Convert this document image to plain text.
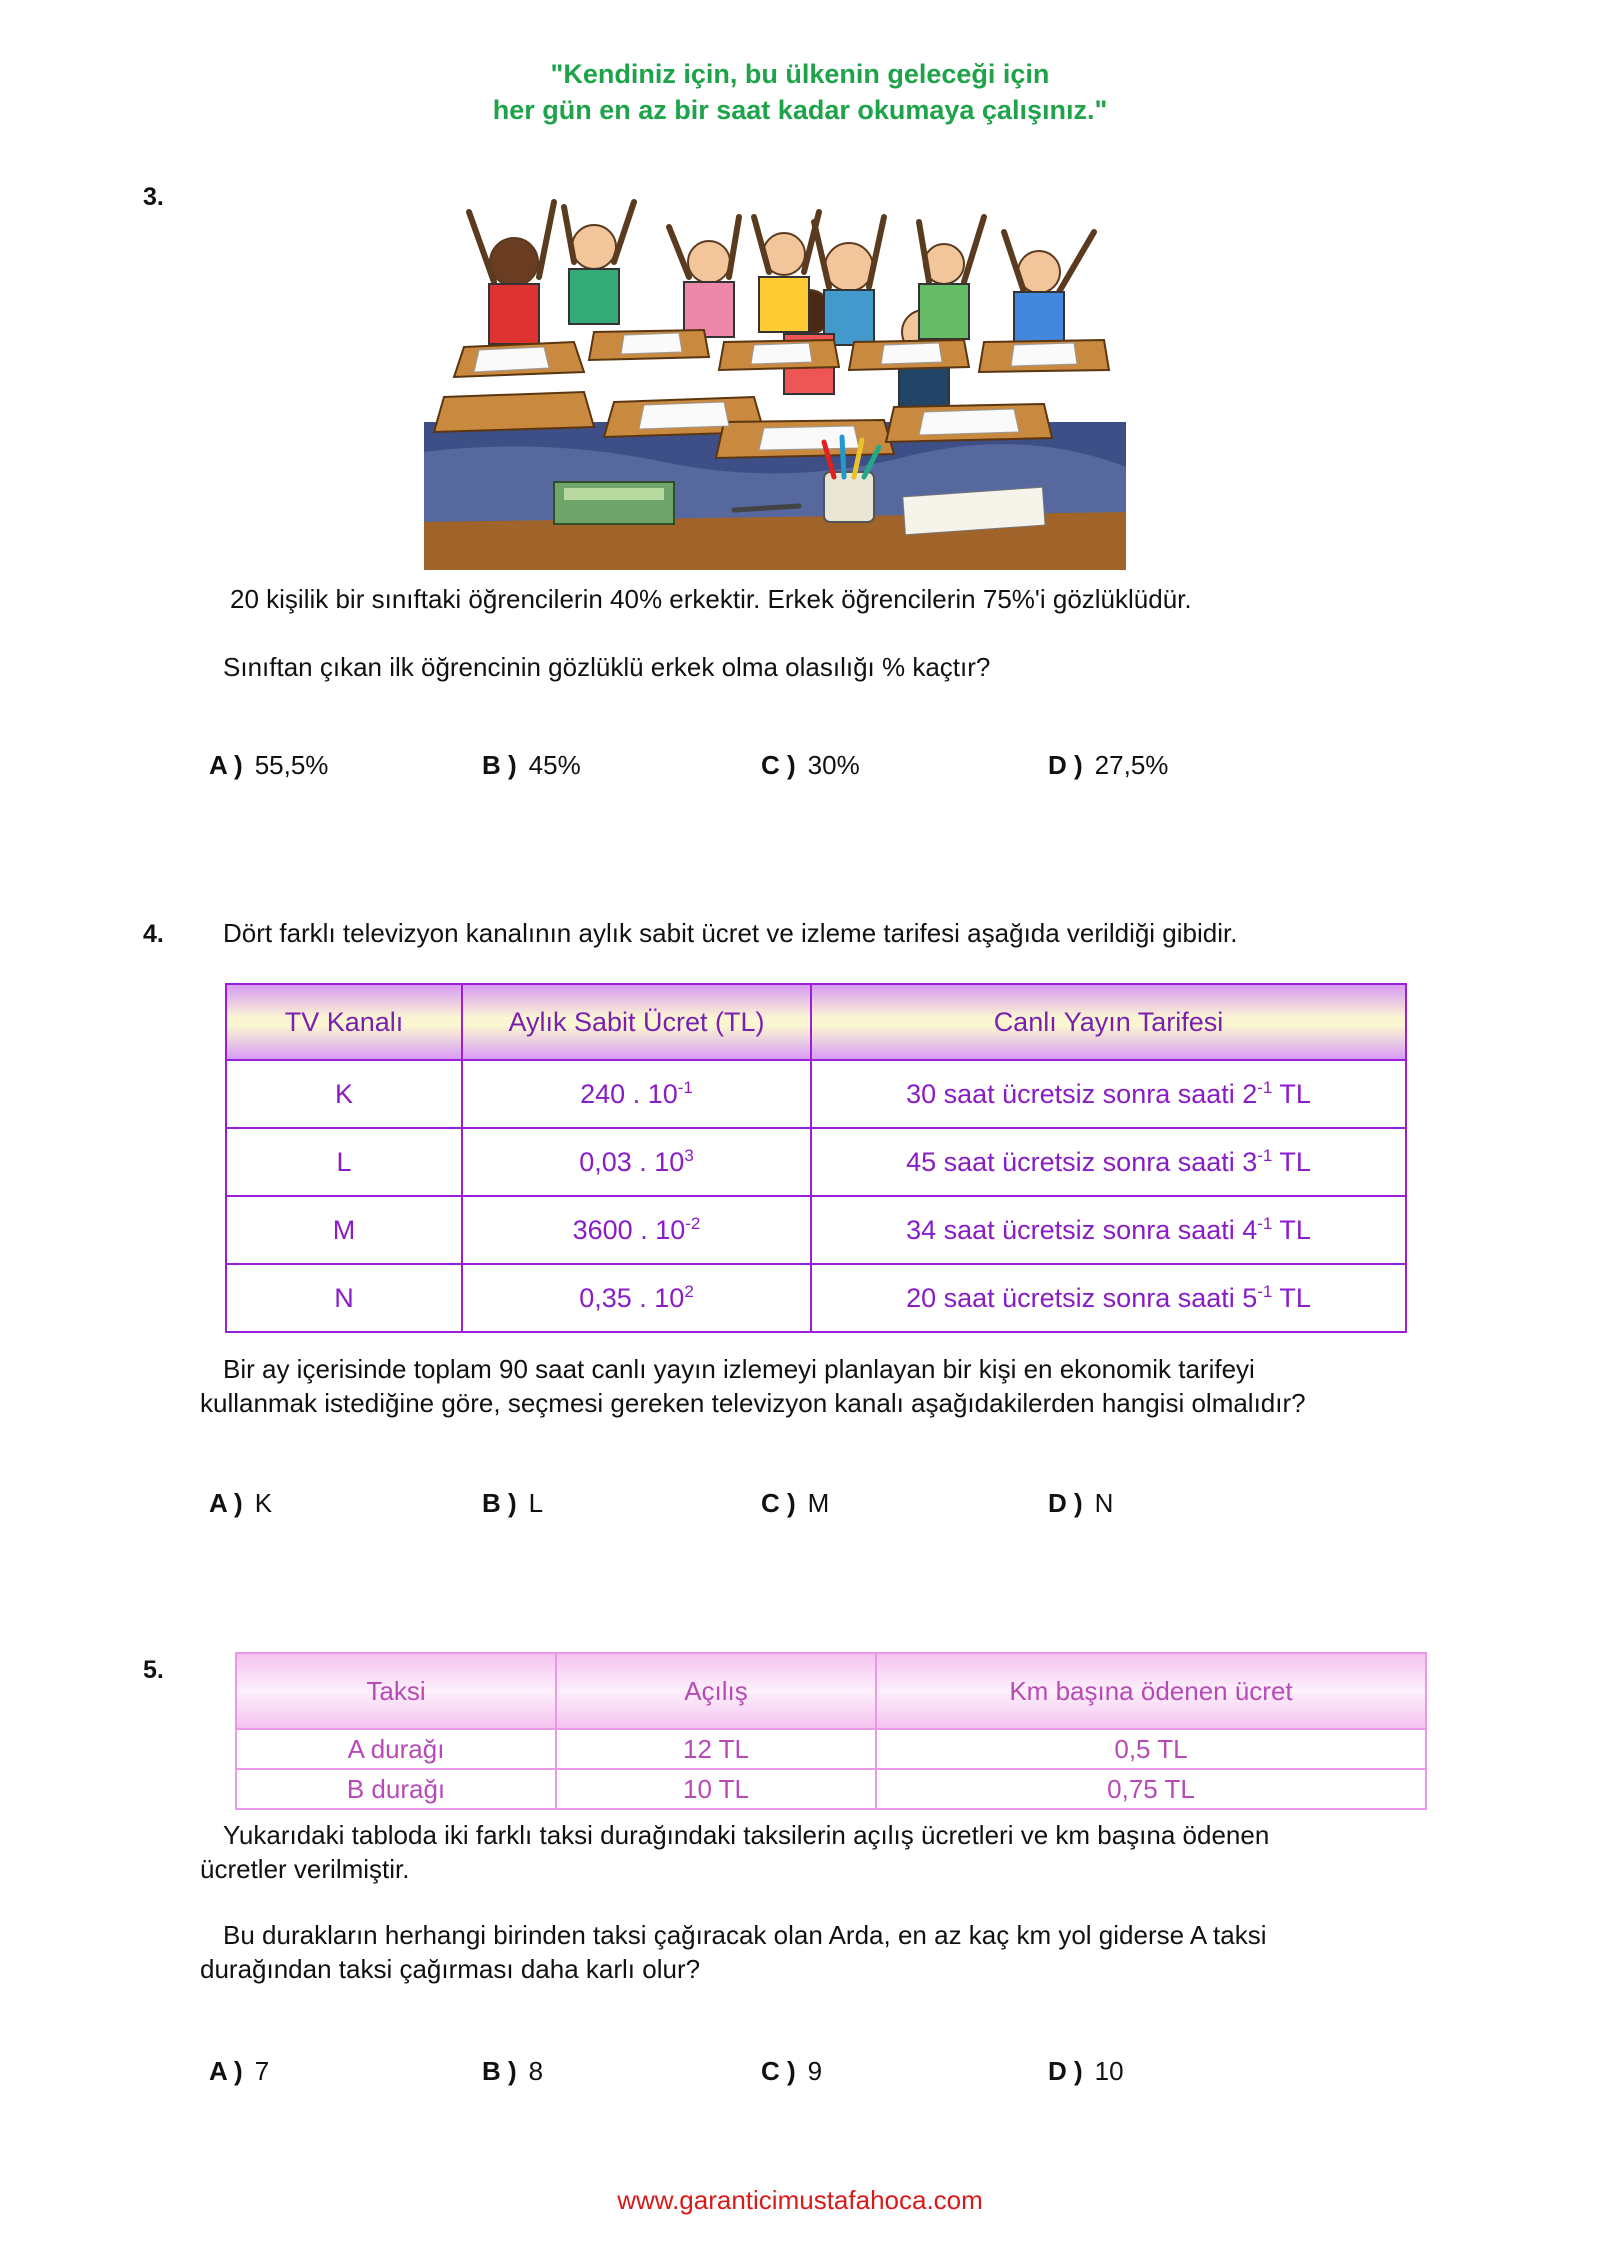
"Kendiniz için, bu ülkenin geleceği için
her gün en az bir saat kadar okumaya çalışınız."
3.
20 kişilik bir sınıftaki öğrencilerin 40% erkektir. Erkek öğrencilerin 75%'i gözlüklüdür.
Sınıftan çıkan ilk öğrencinin gözlüklü erkek olma olasılığı % kaçtır?
A ) 55,5%	B ) 45%	C ) 30%	D ) 27,5%
4. Dört farklı televizyon kanalının aylık sabit ücret ve izleme tarifesi aşağıda verildiği gibidir.
TV Kanalı	Aylık Sabit Ücret (TL)	Canlı Yayın Tarifesi
K	240 . $10^{-1}$	30 saat ücretsiz sonra saati $2^{-1}$ TL
L	0,03 . $10^3$	45 saat ücretsiz sonra saati $3^{-1}$ TL
M	3600 . $10^{-2}$	34 saat ücretsiz sonra saati $4^{-1}$ TL
N	0,35 . $10^2$	20 saat ücretsiz sonra saati $5^{-1}$ TL
Bir ay içerisinde toplam 90 saat canlı yayın izlemeyi planlayan bir kişi en ekonomik tarifeyi
kullanmak istediğine göre, seçmesi gereken televizyon kanalı aşağıdakilerden hangisi olmalıdır?
A ) K	B ) L	C ) M	D ) N
5.
Taksi	Açılış	Km başına ödenen ücret
A durağı	12 TL	0,5 TL
B durağı	10 TL	0,75 TL
Yukarıdaki tabloda iki farklı taksi durağındaki taksilerin açılış ücretleri ve km başına ödenen
ücretler verilmiştir.
Bu durakların herhangi birinden taksi çağıracak olan Arda, en az kaç km yol giderse A taksi
durağından taksi çağırması daha karlı olur?
A ) 7	B ) 8	C ) 9	D ) 10
www.garanticimustafahoca.com
